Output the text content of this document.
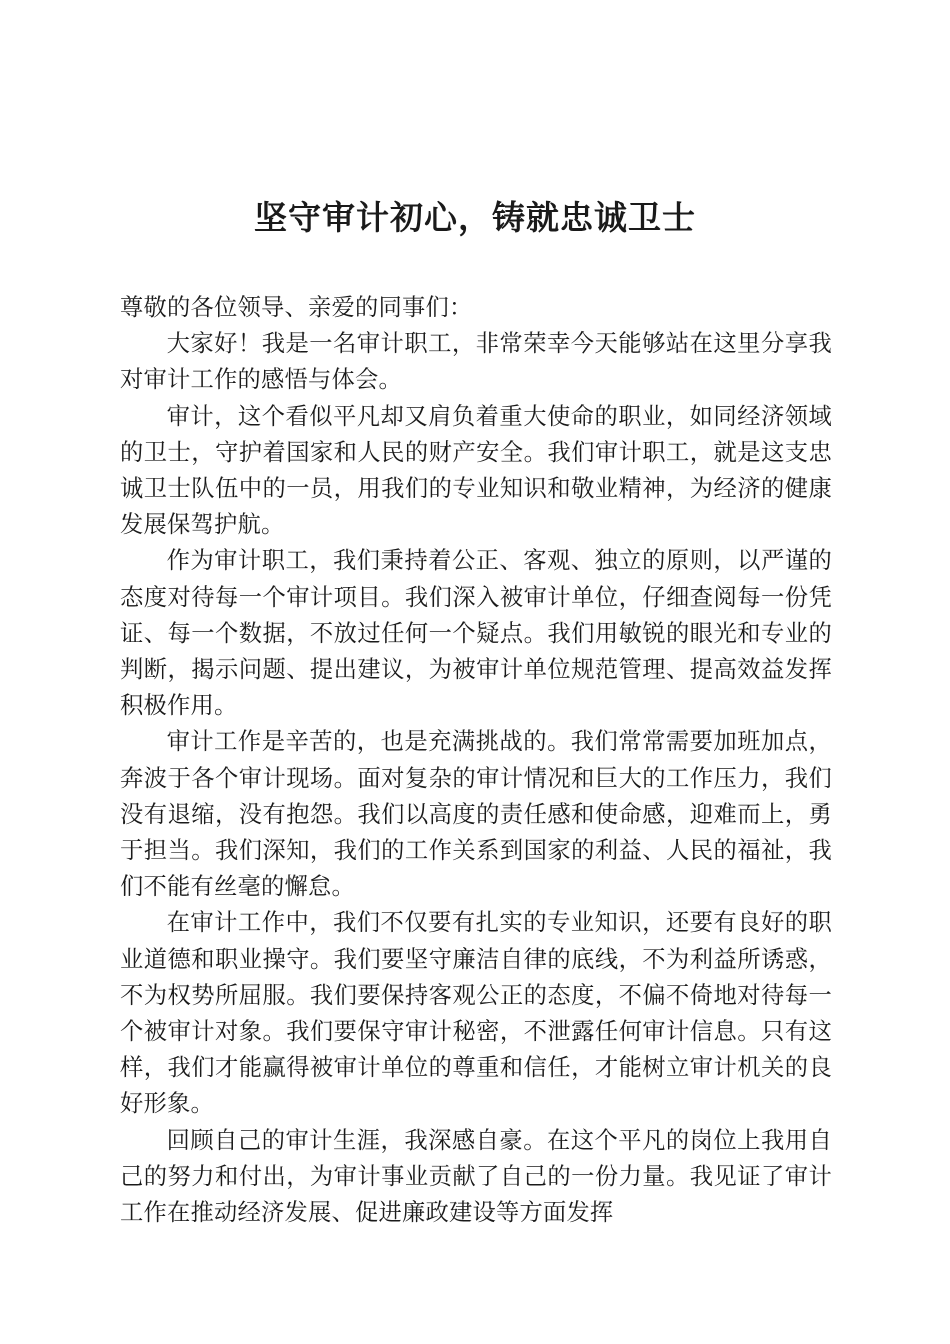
坚守审计初心，铸就忠诚卫士

尊敬的各位领导、亲爱的同事们：

大家好！我是一名审计职工，非常荣幸今天能够站在这里分享我对审计工作的感悟与体会。

审计，这个看似平凡却又肩负着重大使命的职业，如同经济领域的卫士，守护着国家和人民的财产安全。我们审计职工，就是这支忠诚卫士队伍中的一员，用我们的专业知识和敬业精神，为经济的健康发展保驾护航。

作为审计职工，我们秉持着公正、客观、独立的原则，以严谨的态度对待每一个审计项目。我们深入被审计单位，仔细查阅每一份凭证、每一个数据，不放过任何一个疑点。我们用敏锐的眼光和专业的判断，揭示问题、提出建议，为被审计单位规范管理、提高效益发挥积极作用。

审计工作是辛苦的，也是充满挑战的。我们常常需要加班加点，奔波于各个审计现场。面对复杂的审计情况和巨大的工作压力，我们没有退缩，没有抱怨。我们以高度的责任感和使命感，迎难而上，勇于担当。我们深知，我们的工作关系到国家的利益、人民的福祉，我们不能有丝毫的懈怠。

在审计工作中，我们不仅要有扎实的专业知识，还要有良好的职业道德和职业操守。我们要坚守廉洁自律的底线，不为利益所诱惑，不为权势所屈服。我们要保持客观公正的态度，不偏不倚地对待每一个被审计对象。我们要保守审计秘密，不泄露任何审计信息。只有这样，我们才能赢得被审计单位的尊重和信任，才能树立审计机关的良好形象。

回顾自己的审计生涯，我深感自豪。在这个平凡的岗位上我用自己的努力和付出，为审计事业贡献了自己的一份力量。我见证了审计工作在推动经济发展、促进廉政建设等方面发挥
